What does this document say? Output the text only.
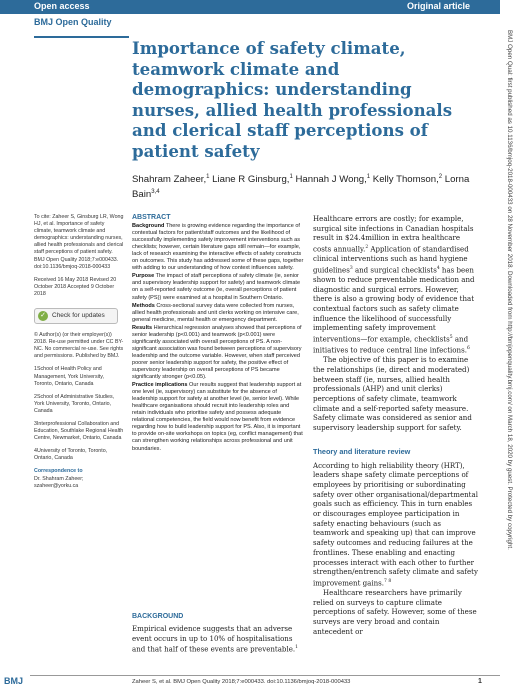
Open access	Original article
BMJ Open Quality
Importance of safety climate, teamwork climate and demographics: understanding nurses, allied health professionals and clerical staff perceptions of patient safety
Shahram Zaheer,$^1$ Liane R Ginsburg,$^1$ Hannah J Wong,$^1$ Kelly Thomson,$^2$ Lorna Bain$^{3,4}$

To cite: Zaheer S, Ginsburg LR, Wong HJ, et al. Importance of safety climate, teamwork climate and demographics: understanding nurses, allied health professionals and clerical staff perceptions of patient safety. BMJ Open Quality 2018;7:e000433. doi:10.1136/bmjoq-2018-000433

Received 16 May 2018 Revised 20 October 2018 Accepted 9 October 2018

✓ Check for updates

© Author(s) (or their employer(s)) 2018. Re-use permitted under CC BY-NC. No commercial re-use. See rights and permissions. Published by BMJ.

1School of Health Policy and Management, York University, Toronto, Ontario, Canada

2School of Administrative Studies, York University, Toronto, Ontario, Canada

3Interprofessional Collaboration and Education, Southlake Regional Health Centre, Newmarket, Ontario, Canada

4University of Toronto, Toronto, Ontario, Canada

Correspondence to

Dr. Shahram Zaheer; szaheer@yorku.ca

ABSTRACT

Background There is growing evidence regarding the importance of contextual factors for patient/staff outcomes and the likelihood of successfully implementing safety improvement interventions such as checklists; however, certain literature gaps still remain—for example, lack of research examining the interactive effects of safety constructs on outcomes. This study has addressed some of these gaps, together with adding to our understanding of how context influences safety.

Purpose The impact of staff perceptions of safety climate (ie, senior and supervisory leadership support for safety) and teamwork climate on a self-reported safety outcome (ie, overall perceptions of patient safety (PS)) were examined at a hospital in Southern Ontario.

Methods Cross-sectional survey data were collected from nurses, allied health professionals and unit clerks working on intensive care, general medicine, mental health or emergency department.

Results Hierarchical regression analyses showed that perceptions of senior leadership (p<0.001) and teamwork (p<0.001) were significantly associated with overall perceptions of PS. A non-significant association was found between perceptions of supervisory leadership and the outcome variable. However, when staff perceived poorer senior leadership support for safety, the positive effect of supervisory leadership on overall perceptions of PS became significantly stronger (p<0.05).

Practice implications Our results suggest that leadership support at one level (ie, supervisory) can substitute for the absence of leadership support for safety at another level (ie, senior level). While healthcare organisations should recruit into leadership roles and retain individuals who prioritise safety and possess adequate relational competencies, the field would now benefit from evidence regarding how to build leadership support for PS. Also, it is important to provide on-site workshops on topics (eg, conflict management) that can strengthen working relationships across professional and unit boundaries.

BACKGROUND

Empirical evidence suggests that an adverse event occurs in up to 10% of hospitalisations and that half of these events are preventable.$^1$

Healthcare errors are costly; for example, surgical site infections in Canadian hospitals result in $24.4million in extra healthcare costs annually.$^2$ Application of standardised clinical interventions such as hand hygiene guidelines$^3$ and surgical checklists$^4$ has been shown to reduce preventable medication and diagnostic and surgical errors. However, there is also a growing body of evidence that contextual factors such as safety climate influence the likelihood of successfully implementing safety improvement interventions—for example, checklists$^5$ and initiatives to reduce central line infections.$^6$

The objective of this paper is to examine the relationships (ie, direct and moderated) between staff (ie, nurses, allied health professionals (AHP) and unit clerks) perceptions of safety climate, teamwork climate and a self-reported safety measure. Safety climate was considered as senior and supervisory leadership support for safety.

Theory and literature review

According to high reliability theory (HRT), leaders shape safety climate perceptions of employees by prioritising or subordinating safety over other organisational/departmental goals such as efficiency. This in turn enables or discourages employee participation in safety enacting behaviours (such as teamwork and speaking up) that can improve safety outcomes and reducing failures at the frontlines. These enabling and enacting processes interact with each other to further strengthen/entrench safety climate and safety improvement gains.$^{7 8}$

Healthcare researchers have primarily relied on surveys to capture climate perceptions of safety. However, some of these surveys are very broad and contain antecedent or

BMJ Open Qual: first published as 10.1136/bmjoq-2018-000433 on 28 November 2018. Downloaded from http://bmjopenquality.bmj.com/ on March 18, 2020 by guest. Protected by copyright.
BMJ	Zaheer S, et al. BMJ Open Quality 2018;7:e000433. doi:10.1136/bmjoq-2018-000433	1
